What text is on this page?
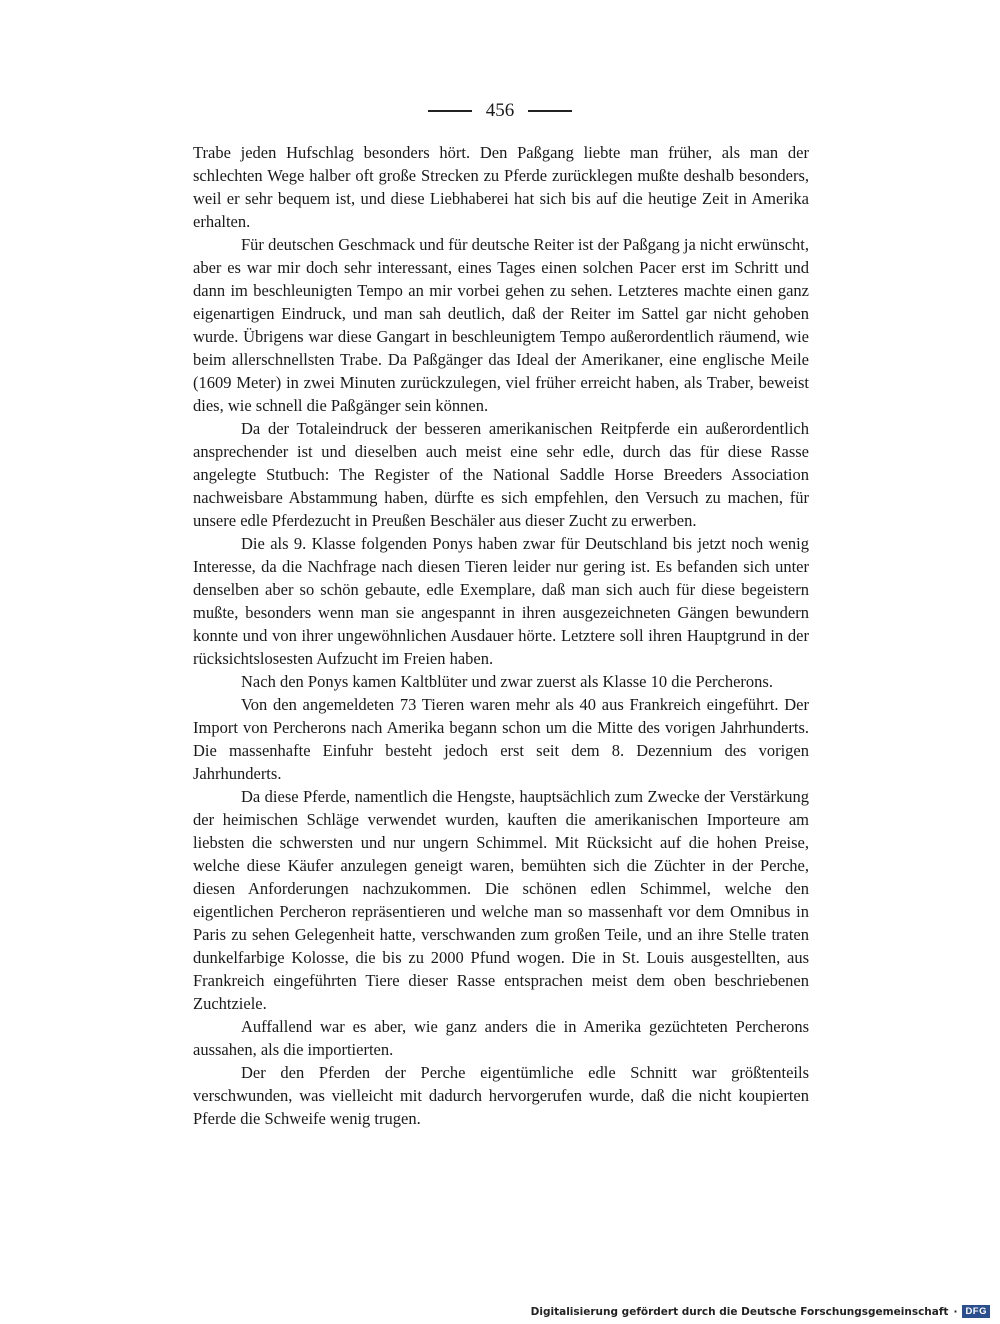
456

Trabe jeden Hufschlag besonders hört. Den Paßgang liebte man früher, als man der schlechten Wege halber oft große Strecken zu Pferde zurücklegen mußte deshalb besonders, weil er sehr bequem ist, und diese Liebhaberei hat sich bis auf die heutige Zeit in Amerika erhalten.

Für deutschen Geschmack und für deutsche Reiter ist der Paßgang ja nicht erwünscht, aber es war mir doch sehr interessant, eines Tages einen solchen Pacer erst im Schritt und dann im beschleunigten Tempo an mir vorbei gehen zu sehen. Letzteres machte einen ganz eigenartigen Eindruck, und man sah deutlich, daß der Reiter im Sattel gar nicht gehoben wurde. Übrigens war diese Gangart in beschleunigtem Tempo außerordentlich räumend, wie beim allerschnellsten Trabe. Da Paßgänger das Ideal der Amerikaner, eine englische Meile (1609 Meter) in zwei Minuten zurückzulegen, viel früher erreicht haben, als Traber, beweist dies, wie schnell die Paßgänger sein können.

Da der Totaleindruck der besseren amerikanischen Reitpferde ein außerordentlich ansprechender ist und dieselben auch meist eine sehr edle, durch das für diese Rasse angelegte Stutbuch: The Register of the National Saddle Horse Breeders Association nachweisbare Abstammung haben, dürfte es sich empfehlen, den Versuch zu machen, für unsere edle Pferdezucht in Preußen Beschäler aus dieser Zucht zu erwerben.

Die als 9. Klasse folgenden Ponys haben zwar für Deutschland bis jetzt noch wenig Interesse, da die Nachfrage nach diesen Tieren leider nur gering ist. Es befanden sich unter denselben aber so schön gebaute, edle Exemplare, daß man sich auch für diese begeistern mußte, besonders wenn man sie angespannt in ihren ausgezeichneten Gängen bewundern konnte und von ihrer ungewöhnlichen Ausdauer hörte. Letztere soll ihren Hauptgrund in der rücksichtslosesten Aufzucht im Freien haben.

Nach den Ponys kamen Kaltblüter und zwar zuerst als Klasse 10 die Percherons.

Von den angemeldeten 73 Tieren waren mehr als 40 aus Frankreich eingeführt. Der Import von Percherons nach Amerika begann schon um die Mitte des vorigen Jahrhunderts. Die massenhafte Einfuhr besteht jedoch erst seit dem 8. Dezennium des vorigen Jahrhunderts.

Da diese Pferde, namentlich die Hengste, hauptsächlich zum Zwecke der Verstärkung der heimischen Schläge verwendet wurden, kauften die amerikanischen Importeure am liebsten die schwersten und nur ungern Schimmel. Mit Rücksicht auf die hohen Preise, welche diese Käufer anzulegen geneigt waren, bemühten sich die Züchter in der Perche, diesen Anforderungen nachzukommen. Die schönen edlen Schimmel, welche den eigentlichen Percheron repräsentieren und welche man so massenhaft vor dem Omnibus in Paris zu sehen Gelegenheit hatte, verschwanden zum großen Teile, und an ihre Stelle traten dunkelfarbige Kolosse, die bis zu 2000 Pfund wogen. Die in St. Louis ausgestellten, aus Frankreich eingeführten Tiere dieser Rasse entsprachen meist dem oben beschriebenen Zuchtziele.

Auffallend war es aber, wie ganz anders die in Amerika gezüchteten Percherons aussahen, als die importierten.

Der den Pferden der Perche eigentümliche edle Schnitt war größtenteils verschwunden, was vielleicht mit dadurch hervorgerufen wurde, daß die nicht koupierten Pferde die Schweife wenig trugen.

Digitalisierung gefördert durch die Deutsche Forschungsgemeinschaft · DFG
